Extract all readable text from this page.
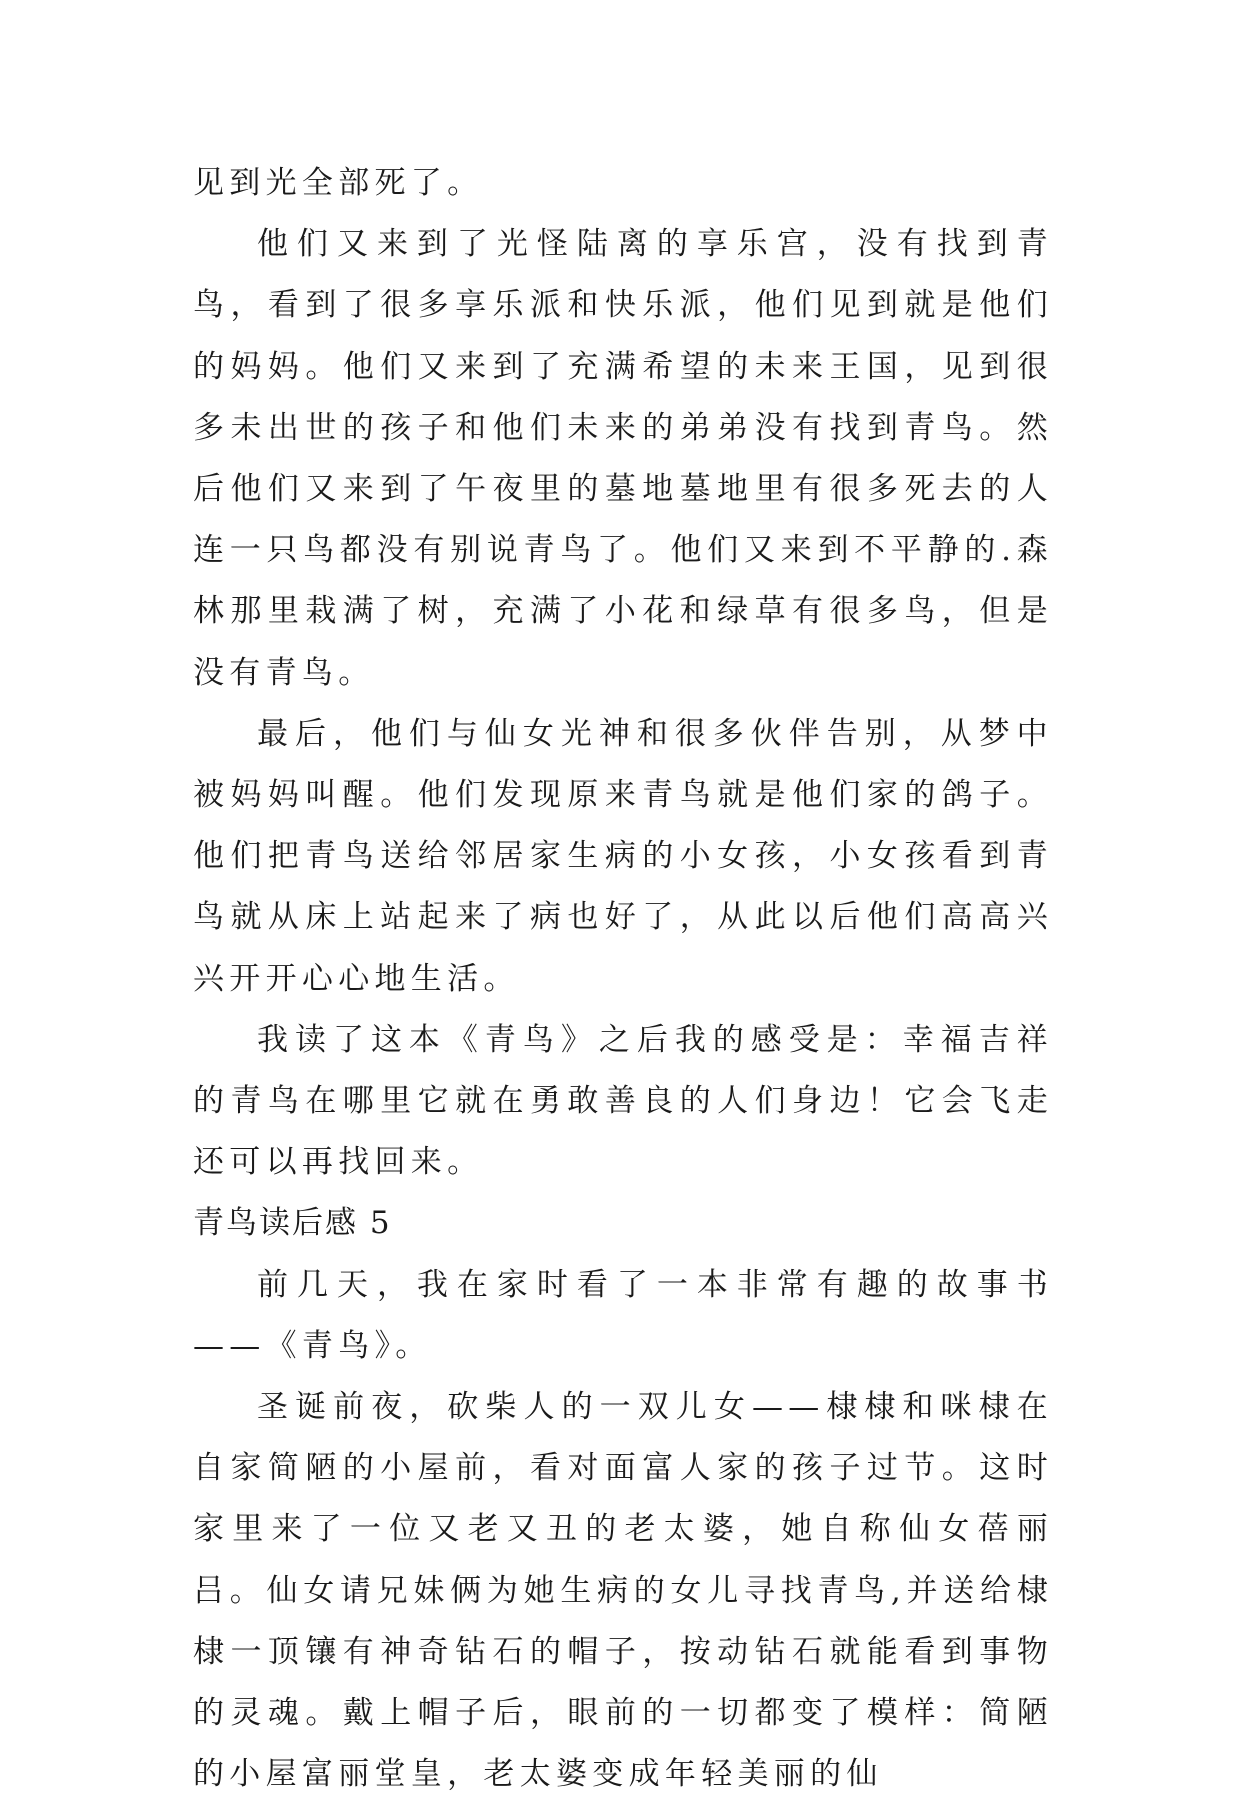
见到光全部死了。

他们又来到了光怪陆离的享乐宫，没有找到青鸟，看到了很多享乐派和快乐派，他们见到就是他们的妈妈。他们又来到了充满希望的未来王国，见到很多未出世的孩子和他们未来的弟弟没有找到青鸟。然后他们又来到了午夜里的墓地墓地里有很多死去的人连一只鸟都没有别说青鸟了。他们又来到不平静的.森林那里栽满了树，充满了小花和绿草有很多鸟，但是没有青鸟。

最后，他们与仙女光神和很多伙伴告别，从梦中被妈妈叫醒。他们发现原来青鸟就是他们家的鸽子。他们把青鸟送给邻居家生病的小女孩，小女孩看到青鸟就从床上站起来了病也好了，从此以后他们高高兴兴开开心心地生活。

我读了这本《青鸟》之后我的感受是：幸福吉祥的青鸟在哪里它就在勇敢善良的人们身边！它会飞走还可以再找回来。

青鸟读后感 5

前几天，我在家时看了一本非常有趣的故事书——《青鸟》。

圣诞前夜，砍柴人的一双儿女——棣棣和咪棣在自家简陋的小屋前，看对面富人家的孩子过节。这时家里来了一位又老又丑的老太婆，她自称仙女蓓丽吕。仙女请兄妹俩为她生病的女儿寻找青鸟,并送给棣棣一顶镶有神奇钻石的帽子，按动钻石就能看到事物的灵魂。戴上帽子后，眼前的一切都变了模样：简陋的小屋富丽堂皇，老太婆变成年轻美丽的仙
